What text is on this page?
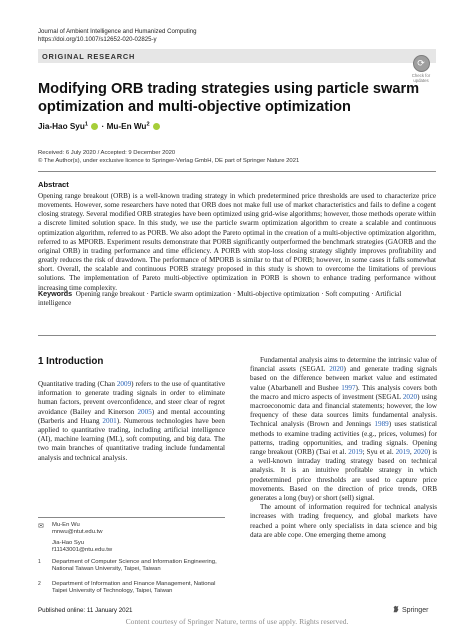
Journal of Ambient Intelligence and Humanized Computing
https://doi.org/10.1007/s12652-020-02825-y
ORIGINAL RESEARCH
⟳
Check for updates
Modifying ORB trading strategies using particle swarm optimization and multi-objective optimization
Jia-Hao Syu$^1$  · Mu-En Wu$^2$
Received: 6 July 2020 / Accepted: 9 December 2020
© The Author(s), under exclusive licence to Springer-Verlag GmbH, DE part of Springer Nature 2021
Abstract
Opening range breakout (ORB) is a well-known trading strategy in which predetermined price thresholds are used to characterize price movements. However, some researchers have noted that ORB does not make full use of market characteristics and fails to define a cogent closing strategy. Several modified ORB strategies have been optimized using grid-wise algorithms; however, those methods operate within a discrete limited solution space. In this study, we use the particle swarm optimization algorithm to create a scalable and continuous optimization algorithm, referred to as PORB. We also adopt the Pareto optimal in the creation of a multi-objective optimization algorithm, referred to as MPORB. Experiment results demonstrate that PORB significantly outperformed the benchmark strategies (GAORB and the original ORB) in trading performance and time efficiency. A PORB with stop-loss closing strategy slightly improves profitability and greatly reduces the risk of drawdown. The performance of MPORB is similar to that of PORB; however, in some cases it falls somewhat short. Overall, the scalable and continuous PORB strategy proposed in this study is shown to overcome the limitations of previous solutions. The implementation of Pareto multi-objective optimization in PORB is shown to enhance trading performance without increasing time complexity.
Keywords Opening range breakout · Particle swarm optimization · Multi-objective optimization · Soft computing · Artificial intelligence
1 Introduction

Quantitative trading (Chan 2009) refers to the use of quantitative information to generate trading signals in order to eliminate human factors, prevent overconfidence, and steer clear of regret avoidance (Bailey and Kinerson 2005) and mental accounting (Barberis and Huang 2001). Numerous technologies have been applied to quantitative trading, including artificial intelligence (AI), machine learning (ML), soft computing, and big data. The two main branches of quantitative trading include fundamental analysis and technical analysis.

Fundamental analysis aims to determine the intrinsic value of financial assets (SEGAL 2020) and generate trading signals based on the difference between market value and estimated value (Abarbanell and Bushee 1997). This analysis covers both the macro and micro aspects of investment (SEGAL 2020) using macroeconomic data and financial statements; however, the low frequency of these data sources limits fundamental analysis. Technical analysis (Brown and Jennings 1989) uses statistical methods to examine trading activities (e.g., prices, volumes) for patterns, trading opportunities, and trading signals. Opening range breakout (ORB) (Tsai et al. 2019; Syu et al. 2019, 2020) is a well-known intraday trading strategy based on technical analysis. It is an intuitive profitable strategy in which predetermined price thresholds are used to capture price movements. Based on the direction of price trends, ORB generates a long (buy) or short (sell) signal.

The amount of information required for technical analysis increases with trading frequency, and global markets have reached a point where only specialists in data science and big data are able cope. One emerging theme among

✉ Mu-En Wu
mnwu@ntut.edu.tw
Jia-Hao Syu
f11143001@ntu.edu.tw
1 Department of Computer Science and Information Engineering, National Taiwan University, Taipei, Taiwan
2 Department of Information and Finance Management, National Taipei University of Technology, Taipei, Taiwan
Published online: 11 January 2021	Springer
Content courtesy of Springer Nature, terms of use apply. Rights reserved.
